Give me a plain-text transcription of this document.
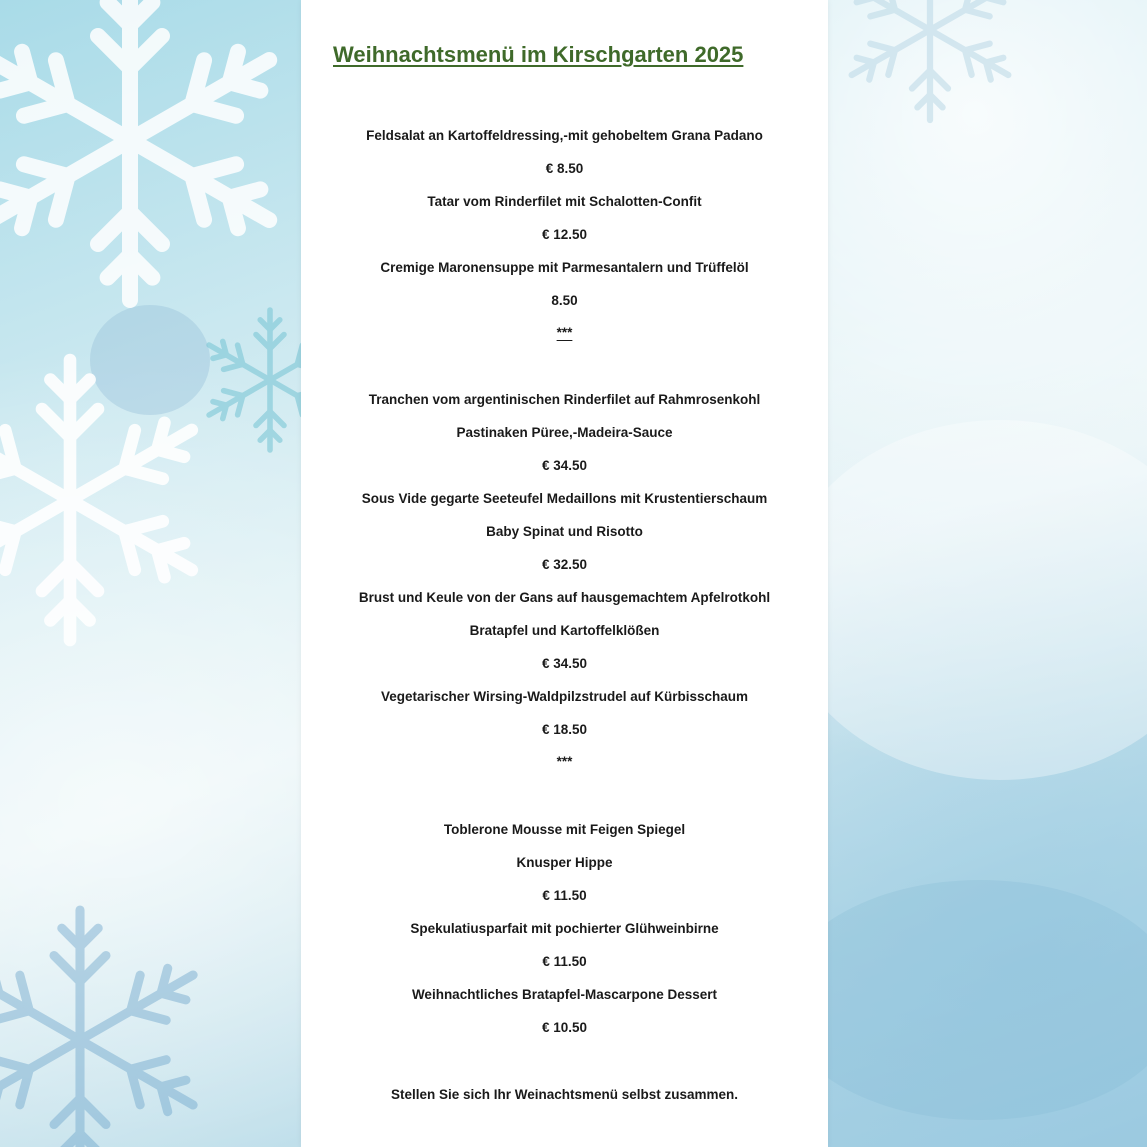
Weihnachtsmenü im Kirschgarten 2025
Feldsalat an Kartoffeldressing,-mit gehobeltem Grana Padano
€ 8.50
Tatar vom Rinderfilet mit Schalotten-Confit
€ 12.50
Cremige Maronensuppe mit Parmesantalern und Trüffelöl
8.50
***
Tranchen vom argentinischen Rinderfilet auf Rahmrosenkohl
Pastinaken Püree,-Madeira-Sauce
€ 34.50
Sous Vide gegarte Seeteufel Medaillons mit Krustentierschaum
Baby Spinat und Risotto
€ 32.50
Brust und Keule von der Gans auf hausgemachtem Apfelrotkohl
Bratapfel und Kartoffelklößen
€ 34.50
Vegetarischer Wirsing-Waldpilzstrudel auf Kürbisschaum
€ 18.50
***
Toblerone Mousse mit Feigen Spiegel
Knusper Hippe
€ 11.50
Spekulatiusparfait mit pochierter Glühweinbirne
€ 11.50
Weihnachtliches Bratapfel-Mascarpone Dessert
€ 10.50
Stellen Sie sich Ihr Weinachtsmenü selbst zusammen.
